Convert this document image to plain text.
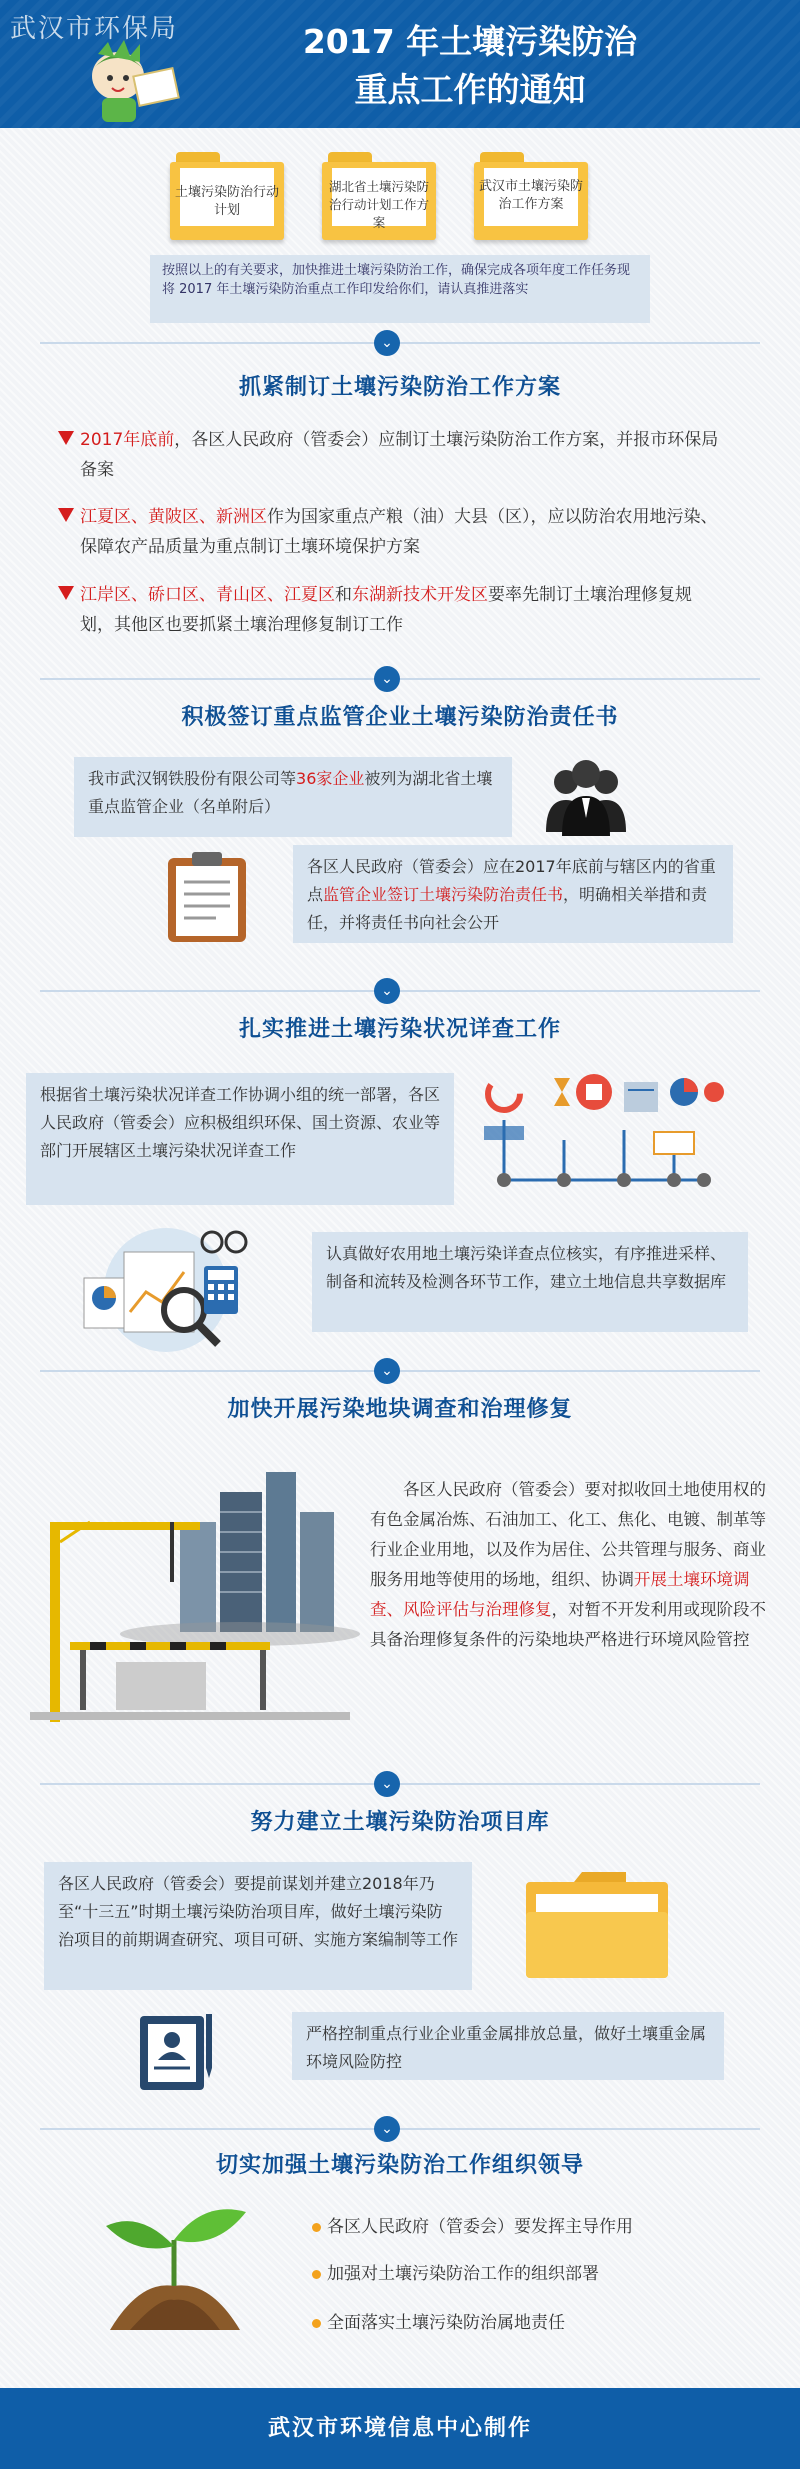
武汉市环保局	2017 年土壤污染防治
重点工作的通知
土壤污染防治行动计划
湖北省土壤污染防治行动计划工作方案
武汉市土壤污染防治工作方案
按照以上的有关要求，加快推进土壤污染防治工作，确保完成各项年度工作任务现将 2017 年土壤污染防治重点工作印发给你们，请认真推进落实
⌄
抓紧制订土壤污染防治工作方案
2017年底前，各区人民政府（管委会）应制订土壤污染防治工作方案，并报市环保局备案
江夏区、黄陂区、新洲区作为国家重点产粮（油）大县（区），应以防治农用地污染、保障农产品质量为重点制订土壤环境保护方案
江岸区、硚口区、青山区、江夏区和东湖新技术开发区要率先制订土壤治理修复规划，其他区也要抓紧土壤治理修复制订工作
⌄
积极签订重点监管企业土壤污染防治责任书
我市武汉钢铁股份有限公司等36家企业被列为湖北省土壤重点监管企业（名单附后）
各区人民政府（管委会）应在2017年底前与辖区内的省重点监管企业签订土壤污染防治责任书，明确相关举措和责任，并将责任书向社会公开
⌄
扎实推进土壤污染状况详查工作
根据省土壤污染状况详查工作协调小组的统一部署，各区人民政府（管委会）应积极组织环保、国土资源、农业等部门开展辖区土壤污染状况详查工作
认真做好农用地土壤污染详查点位核实，有序推进采样、制备和流转及检测各环节工作，建立土地信息共享数据库
⌄
加快开展污染地块调查和治理修复
各区人民政府（管委会）要对拟收回土地使用权的有色金属冶炼、石油加工、化工、焦化、电镀、制革等行业企业用地，以及作为居住、公共管理与服务、商业服务用地等使用的场地，组织、协调开展土壤环境调查、风险评估与治理修复，对暂不开发利用或现阶段不具备治理修复条件的污染地块严格进行环境风险管控
⌄
努力建立土壤污染防治项目库
各区人民政府（管委会）要提前谋划并建立2018年乃至“十三五”时期土壤污染防治项目库，做好土壤污染防治项目的前期调查研究、项目可研、实施方案编制等工作
严格控制重点行业企业重金属排放总量，做好土壤重金属环境风险防控
⌄
切实加强土壤污染防治工作组织领导
各区人民政府（管委会）要发挥主导作用
加强对土壤污染防治工作的组织部署
全面落实土壤污染防治属地责任
武汉市环境信息中心制作
